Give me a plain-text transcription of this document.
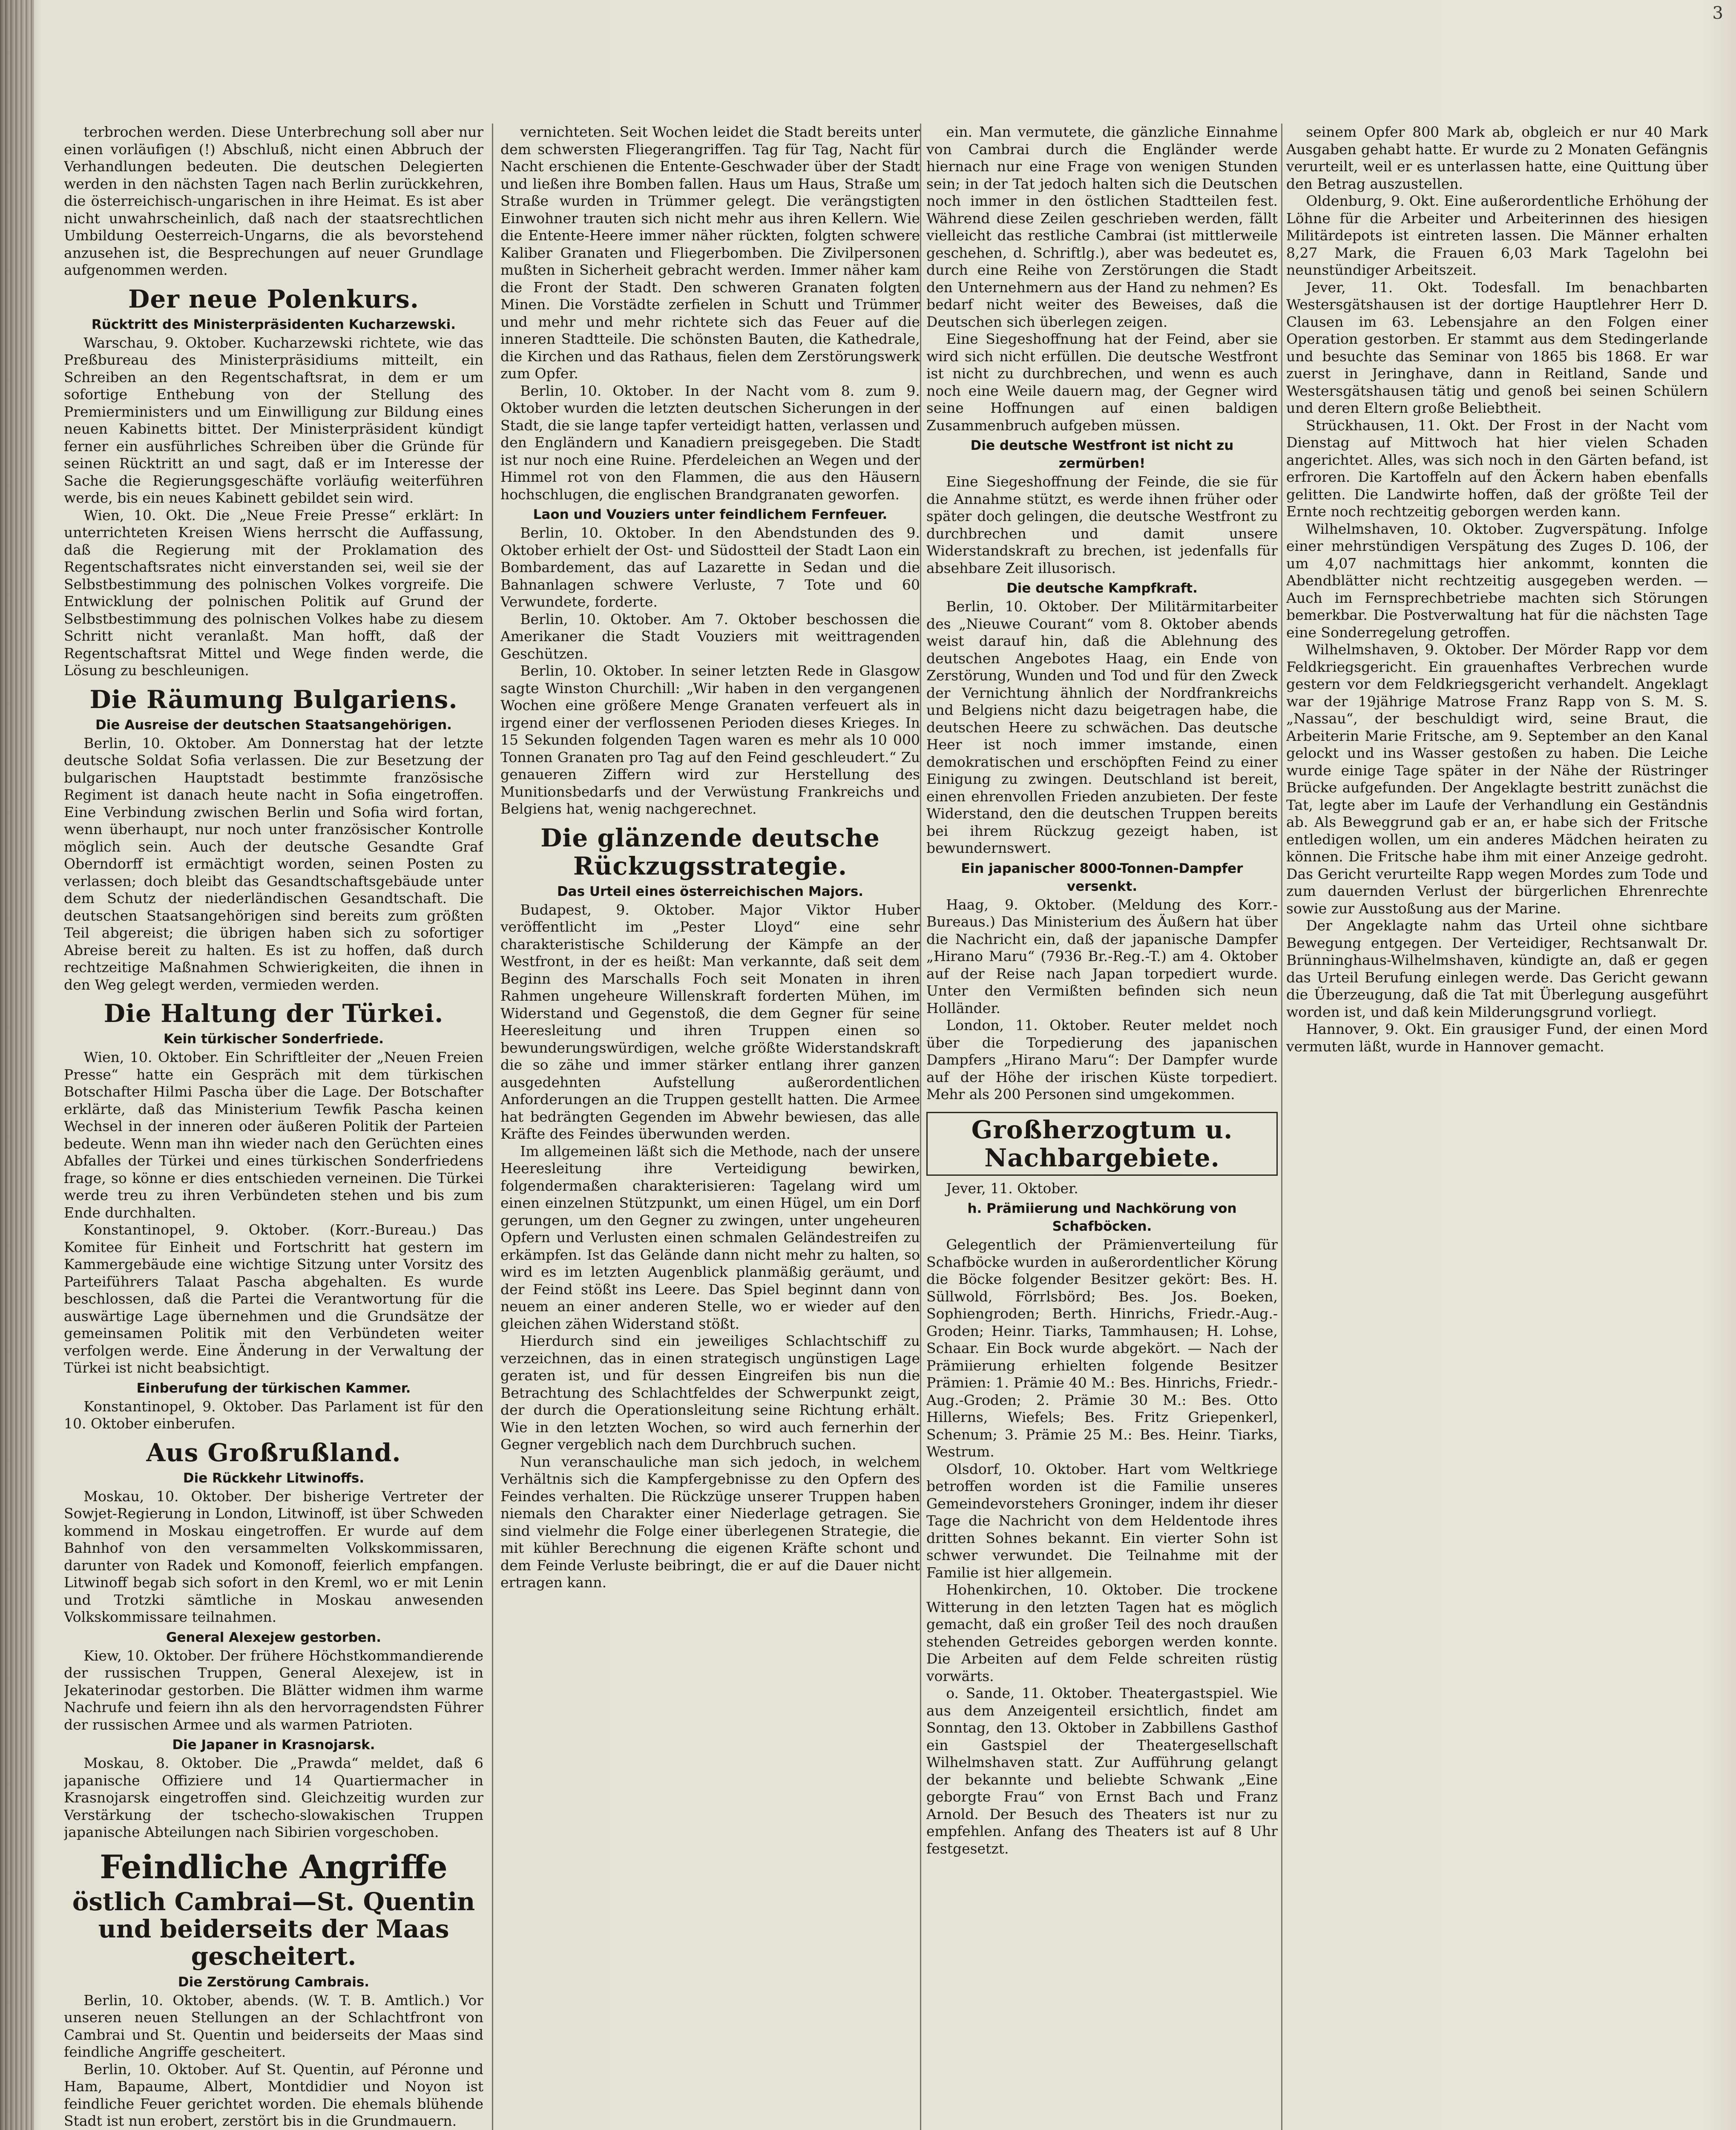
3

terbrochen werden. Diese Unterbrechung soll aber nur einen vorläufigen (!) Abschluß, nicht einen Abbruch der Verhandlungen bedeuten. Die deutschen Delegierten werden in den nächsten Tagen nach Berlin zurückkehren, die österreichisch-ungarischen in ihre Heimat. Es ist aber nicht unwahrscheinlich, daß nach der staatsrechtlichen Umbildung Oesterreich-Ungarns, die als bevorstehend anzusehen ist, die Besprechungen auf neuer Grundlage aufgenommen werden.

Der neue Polenkurs.
Rücktritt des Ministerpräsidenten Kucharzewski.

Warschau, 9. Oktober. Kucharzewski richtete, wie das Preßbureau des Ministerpräsidiums mitteilt, ein Schreiben an den Regentschaftsrat, in dem er um sofortige Enthebung von der Stellung des Premierministers und um Einwilligung zur Bildung eines neuen Kabinetts bittet. Der Ministerpräsident kündigt ferner ein ausführliches Schreiben über die Gründe für seinen Rücktritt an und sagt, daß er im Interesse der Sache die Regierungsgeschäfte vorläufig weiterführen werde, bis ein neues Kabinett gebildet sein wird.

Wien, 10. Okt. Die „Neue Freie Presse“ erklärt: In unterrichteten Kreisen Wiens herrscht die Auffassung, daß die Regierung mit der Proklamation des Regentschaftsrates nicht einverstanden sei, weil sie der Selbstbestimmung des polnischen Volkes vorgreife. Die Entwicklung der polnischen Politik auf Grund der Selbstbestimmung des polnischen Volkes habe zu diesem Schritt nicht veranlaßt. Man hofft, daß der Regentschaftsrat Mittel und Wege finden werde, die Lösung zu beschleunigen.

Die Räumung Bulgariens.
Die Ausreise der deutschen Staatsangehörigen.

Berlin, 10. Oktober. Am Donnerstag hat der letzte deutsche Soldat Sofia verlassen. Die zur Besetzung der bulgarischen Hauptstadt bestimmte französische Regiment ist danach heute nacht in Sofia eingetroffen. Eine Verbindung zwischen Berlin und Sofia wird fortan, wenn überhaupt, nur noch unter französischer Kontrolle möglich sein. Auch der deutsche Gesandte Graf Oberndorff ist ermächtigt worden, seinen Posten zu verlassen; doch bleibt das Gesandtschaftsgebäude unter dem Schutz der niederländischen Gesandtschaft. Die deutschen Staatsangehörigen sind bereits zum größten Teil abgereist; die übrigen haben sich zu sofortiger Abreise bereit zu halten. Es ist zu hoffen, daß durch rechtzeitige Maßnahmen Schwierigkeiten, die ihnen in den Weg gelegt werden, vermieden werden.

Die Haltung der Türkei.
Kein türkischer Sonderfriede.

Wien, 10. Oktober. Ein Schriftleiter der „Neuen Freien Presse“ hatte ein Gespräch mit dem türkischen Botschafter Hilmi Pascha über die Lage. Der Botschafter erklärte, daß das Ministerium Tewfik Pascha keinen Wechsel in der inneren oder äußeren Politik der Parteien bedeute. Wenn man ihn wieder nach den Gerüchten eines Abfalles der Türkei und eines türkischen Sonderfriedens frage, so könne er dies entschieden verneinen. Die Türkei werde treu zu ihren Verbündeten stehen und bis zum Ende durchhalten.

Konstantinopel, 9. Oktober. (Korr.-Bureau.) Das Komitee für Einheit und Fortschritt hat gestern im Kammergebäude eine wichtige Sitzung unter Vorsitz des Parteiführers Talaat Pascha abgehalten. Es wurde beschlossen, daß die Partei die Verantwortung für die auswärtige Lage übernehmen und die Grundsätze der gemeinsamen Politik mit den Verbündeten weiter verfolgen werde. Eine Änderung in der Verwaltung der Türkei ist nicht beabsichtigt.

Einberufung der türkischen Kammer.

Konstantinopel, 9. Oktober. Das Parlament ist für den 10. Oktober einberufen.

Aus Großrußland.
Die Rückkehr Litwinoffs.

Moskau, 10. Oktober. Der bisherige Vertreter der Sowjet-Regierung in London, Litwinoff, ist über Schweden kommend in Moskau eingetroffen. Er wurde auf dem Bahnhof von den versammelten Volkskommissaren, darunter von Radek und Komonoff, feierlich empfangen. Litwinoff begab sich sofort in den Kreml, wo er mit Lenin und Trotzki sämtliche in Moskau anwesenden Volkskommissare teilnahmen.

General Alexejew gestorben.

Kiew, 10. Oktober. Der frühere Höchstkommandierende der russischen Truppen, General Alexejew, ist in Jekaterinodar gestorben. Die Blätter widmen ihm warme Nachrufe und feiern ihn als den hervorragendsten Führer der russischen Armee und als warmen Patrioten.

Die Japaner in Krasnojarsk.

Moskau, 8. Oktober. Die „Prawda“ meldet, daß 6 japanische Offiziere und 14 Quartiermacher in Krasnojarsk eingetroffen sind. Gleichzeitig wurden zur Verstärkung der tschecho-slowakischen Truppen japanische Abteilungen nach Sibirien vorgeschoben.

Feindliche Angriffe
östlich Cambrai—St. Quentin und beiderseits der Maas gescheitert.
Die Zerstörung Cambrais.

Berlin, 10. Oktober, abends. (W. T. B. Amtlich.) Vor unseren neuen Stellungen an der Schlachtfront von Cambrai und St. Quentin und beiderseits der Maas sind feindliche Angriffe gescheitert.

Berlin, 10. Oktober. Auf St. Quentin, auf Péronne und Ham, Bapaume, Albert, Montdidier und Noyon ist feindliche Feuer gerichtet worden. Die ehemals blühende Stadt ist nun erobert, zerstört bis in die Grundmauern.

vernichteten. Seit Wochen leidet die Stadt bereits unter dem schwersten Fliegerangriffen. Tag für Tag, Nacht für Nacht erschienen die Entente-Geschwader über der Stadt und ließen ihre Bomben fallen. Haus um Haus, Straße um Straße wurden in Trümmer gelegt. Die verängstigten Einwohner trauten sich nicht mehr aus ihren Kellern. Wie die Entente-Heere immer näher rückten, folgten schwere Kaliber Granaten und Fliegerbomben. Die Zivilpersonen mußten in Sicherheit gebracht werden. Immer näher kam die Front der Stadt. Den schweren Granaten folgten Minen. Die Vorstädte zerfielen in Schutt und Trümmer und mehr und mehr richtete sich das Feuer auf die inneren Stadtteile. Die schönsten Bauten, die Kathedrale, die Kirchen und das Rathaus, fielen dem Zerstörungswerk zum Opfer.

Berlin, 10. Oktober. In der Nacht vom 8. zum 9. Oktober wurden die letzten deutschen Sicherungen in der Stadt, die sie lange tapfer verteidigt hatten, verlassen und den Engländern und Kanadiern preisgegeben. Die Stadt ist nur noch eine Ruine. Pferdeleichen an Wegen und der Himmel rot von den Flammen, die aus den Häusern hochschlugen, die englischen Brandgranaten geworfen.

Laon und Vouziers unter feindlichem Fernfeuer.

Berlin, 10. Oktober. In den Abendstunden des 9. Oktober erhielt der Ost- und Südostteil der Stadt Laon ein Bombardement, das auf Lazarette in Sedan und die Bahnanlagen schwere Verluste, 7 Tote und 60 Verwundete, forderte.

Berlin, 10. Oktober. Am 7. Oktober beschossen die Amerikaner die Stadt Vouziers mit weittragenden Geschützen.

Berlin, 10. Oktober. In seiner letzten Rede in Glasgow sagte Winston Churchill: „Wir haben in den vergangenen Wochen eine größere Menge Granaten verfeuert als in irgend einer der verflossenen Perioden dieses Krieges. In 15 Sekunden folgenden Tagen waren es mehr als 10 000 Tonnen Granaten pro Tag auf den Feind geschleudert.“ Zu genaueren Ziffern wird zur Herstellung des Munitionsbedarfs und der Verwüstung Frankreichs und Belgiens hat, wenig nachgerechnet.

Die glänzende deutsche Rückzugsstrategie.
Das Urteil eines österreichischen Majors.

Budapest, 9. Oktober. Major Viktor Huber veröffentlicht im „Pester Lloyd“ eine sehr charakteristische Schilderung der Kämpfe an der Westfront, in der es heißt: Man verkannte, daß seit dem Beginn des Marschalls Foch seit Monaten in ihren Rahmen ungeheure Willenskraft forderten Mühen, im Widerstand und Gegenstoß, die dem Gegner für seine Heeresleitung und ihren Truppen einen so bewunderungswürdigen, welche größte Widerstandskraft die so zähe und immer stärker entlang ihrer ganzen ausgedehnten Aufstellung außerordentlichen Anforderungen an die Truppen gestellt hatten. Die Armee hat bedrängten Gegenden im Abwehr bewiesen, das alle Kräfte des Feindes überwunden werden.

Im allgemeinen läßt sich die Methode, nach der unsere Heeresleitung ihre Verteidigung bewirken, folgendermaßen charakterisieren: Tagelang wird um einen einzelnen Stützpunkt, um einen Hügel, um ein Dorf gerungen, um den Gegner zu zwingen, unter ungeheuren Opfern und Verlusten einen schmalen Geländestreifen zu erkämpfen. Ist das Gelände dann nicht mehr zu halten, so wird es im letzten Augenblick planmäßig geräumt, und der Feind stößt ins Leere. Das Spiel beginnt dann von neuem an einer anderen Stelle, wo er wieder auf den gleichen zähen Widerstand stößt.

Hierdurch sind ein jeweiliges Schlachtschiff zu verzeichnen, das in einen strategisch ungünstigen Lage geraten ist, und für dessen Eingreifen bis nun die Betrachtung des Schlachtfeldes der Schwerpunkt zeigt, der durch die Operationsleitung seine Richtung erhält. Wie in den letzten Wochen, so wird auch fernerhin der Gegner vergeblich nach dem Durchbruch suchen.

Nun veranschauliche man sich jedoch, in welchem Verhältnis sich die Kampfergebnisse zu den Opfern des Feindes verhalten. Die Rückzüge unserer Truppen haben niemals den Charakter einer Niederlage getragen. Sie sind vielmehr die Folge einer überlegenen Strategie, die mit kühler Berechnung die eigenen Kräfte schont und dem Feinde Verluste beibringt, die er auf die Dauer nicht ertragen kann.

ein. Man vermutete, die gänzliche Einnahme von Cambrai durch die Engländer werde hiernach nur eine Frage von wenigen Stunden sein; in der Tat jedoch halten sich die Deutschen noch immer in den östlichen Stadtteilen fest. Während diese Zeilen geschrieben werden, fällt vielleicht das restliche Cambrai (ist mittlerweile geschehen, d. Schriftlg.), aber was bedeutet es, durch eine Reihe von Zerstörungen die Stadt den Unternehmern aus der Hand zu nehmen? Es bedarf nicht weiter des Beweises, daß die Deutschen sich überlegen zeigen.

Eine Siegeshoffnung hat der Feind, aber sie wird sich nicht erfüllen. Die deutsche Westfront ist nicht zu durchbrechen, und wenn es auch noch eine Weile dauern mag, der Gegner wird seine Hoffnungen auf einen baldigen Zusammenbruch aufgeben müssen.

Die deutsche Westfront ist nicht zu zermürben!

Eine Siegeshoffnung der Feinde, die sie für die Annahme stützt, es werde ihnen früher oder später doch gelingen, die deutsche Westfront zu durchbrechen und damit unsere Widerstandskraft zu brechen, ist jedenfalls für absehbare Zeit illusorisch.

Die deutsche Kampfkraft.

Berlin, 10. Oktober. Der Militärmitarbeiter des „Nieuwe Courant“ vom 8. Oktober abends weist darauf hin, daß die Ablehnung des deutschen Angebotes Haag, ein Ende von Zerstörung, Wunden und Tod und für den Zweck der Vernichtung ähnlich der Nordfrankreichs und Belgiens nicht dazu beigetragen habe, die deutschen Heere zu schwächen. Das deutsche Heer ist noch immer imstande, einen demokratischen und erschöpften Feind zu einer Einigung zu zwingen. Deutschland ist bereit, einen ehrenvollen Frieden anzubieten. Der feste Widerstand, den die deutschen Truppen bereits bei ihrem Rückzug gezeigt haben, ist bewundernswert.

Ein japanischer 8000-Tonnen-Dampfer versenkt.

Haag, 9. Oktober. (Meldung des Korr.-Bureaus.) Das Ministerium des Äußern hat über die Nachricht ein, daß der japanische Dampfer „Hirano Maru“ (7936 Br.-Reg.-T.) am 4. Oktober auf der Reise nach Japan torpediert wurde. Unter den Vermißten befinden sich neun Holländer.

London, 11. Oktober. Reuter meldet noch über die Torpedierung des japanischen Dampfers „Hirano Maru“: Der Dampfer wurde auf der Höhe der irischen Küste torpediert. Mehr als 200 Personen sind umgekommen.

Großherzogtum u. Nachbargebiete.

Jever, 11. Oktober.

h. Prämiierung und Nachkörung von Schafböcken.

Gelegentlich der Prämienverteilung für Schafböcke wurden in außerordentlicher Körung die Böcke folgender Besitzer gekört: Bes. H. Süllwold, Förrlsbörd; Bes. Jos. Boeken, Sophiengroden; Berth. Hinrichs, Friedr.-Aug.-Groden; Heinr. Tiarks, Tammhausen; H. Lohse, Schaar. Ein Bock wurde abgekört. — Nach der Prämiierung erhielten folgende Besitzer Prämien: 1. Prämie 40 M.: Bes. Hinrichs, Friedr.-Aug.-Groden; 2. Prämie 30 M.: Bes. Otto Hillerns, Wiefels; Bes. Fritz Griepenkerl, Schenum; 3. Prämie 25 M.: Bes. Heinr. Tiarks, Westrum.

Olsdorf, 10. Oktober. Hart vom Weltkriege betroffen worden ist die Familie unseres Gemeindevorstehers Groninger, indem ihr dieser Tage die Nachricht von dem Heldentode ihres dritten Sohnes bekannt. Ein vierter Sohn ist schwer verwundet. Die Teilnahme mit der Familie ist hier allgemein.

Hohenkirchen, 10. Oktober. Die trockene Witterung in den letzten Tagen hat es möglich gemacht, daß ein großer Teil des noch draußen stehenden Getreides geborgen werden konnte. Die Arbeiten auf dem Felde schreiten rüstig vorwärts.

o. Sande, 11. Oktober. Theatergastspiel. Wie aus dem Anzeigenteil ersichtlich, findet am Sonntag, den 13. Oktober in Zabbillens Gasthof ein Gastspiel der Theatergesellschaft Wilhelmshaven statt. Zur Aufführung gelangt der bekannte und beliebte Schwank „Eine geborgte Frau“ von Ernst Bach und Franz Arnold. Der Besuch des Theaters ist nur zu empfehlen. Anfang des Theaters ist auf 8 Uhr festgesetzt.

seinem Opfer 800 Mark ab, obgleich er nur 40 Mark Ausgaben gehabt hatte. Er wurde zu 2 Monaten Gefängnis verurteilt, weil er es unterlassen hatte, eine Quittung über den Betrag auszustellen.

Oldenburg, 9. Okt. Eine außerordentliche Erhöhung der Löhne für die Arbeiter und Arbeiterinnen des hiesigen Militärdepots ist eintreten lassen. Die Männer erhalten 8,27 Mark, die Frauen 6,03 Mark Tagelohn bei neunstündiger Arbeitszeit.

Jever, 11. Okt. Todesfall. Im benachbarten Westersgätshausen ist der dortige Hauptlehrer Herr D. Clausen im 63. Lebensjahre an den Folgen einer Operation gestorben. Er stammt aus dem Stedingerlande und besuchte das Seminar von 1865 bis 1868. Er war zuerst in Jeringhave, dann in Reitland, Sande und Westersgätshausen tätig und genoß bei seinen Schülern und deren Eltern große Beliebtheit.

Strückhausen, 11. Okt. Der Frost in der Nacht vom Dienstag auf Mittwoch hat hier vielen Schaden angerichtet. Alles, was sich noch in den Gärten befand, ist erfroren. Die Kartoffeln auf den Äckern haben ebenfalls gelitten. Die Landwirte hoffen, daß der größte Teil der Ernte noch rechtzeitig geborgen werden kann.

Wilhelmshaven, 10. Oktober. Zugverspätung. Infolge einer mehrstündigen Verspätung des Zuges D. 106, der um 4,07 nachmittags hier ankommt, konnten die Abendblätter nicht rechtzeitig ausgegeben werden. — Auch im Fernsprechbetriebe machten sich Störungen bemerkbar. Die Postverwaltung hat für die nächsten Tage eine Sonderregelung getroffen.

Wilhelmshaven, 9. Oktober. Der Mörder Rapp vor dem Feldkriegsgericht. Ein grauenhaftes Verbrechen wurde gestern vor dem Feldkriegsgericht verhandelt. Angeklagt war der 19jährige Matrose Franz Rapp von S. M. S. „Nassau“, der beschuldigt wird, seine Braut, die Arbeiterin Marie Fritsche, am 9. September an den Kanal gelockt und ins Wasser gestoßen zu haben. Die Leiche wurde einige Tage später in der Nähe der Rüstringer Brücke aufgefunden. Der Angeklagte bestritt zunächst die Tat, legte aber im Laufe der Verhandlung ein Geständnis ab. Als Beweggrund gab er an, er habe sich der Fritsche entledigen wollen, um ein anderes Mädchen heiraten zu können. Die Fritsche habe ihm mit einer Anzeige gedroht. Das Gericht verurteilte Rapp wegen Mordes zum Tode und zum dauernden Verlust der bürgerlichen Ehrenrechte sowie zur Ausstoßung aus der Marine.

Der Angeklagte nahm das Urteil ohne sichtbare Bewegung entgegen. Der Verteidiger, Rechtsanwalt Dr. Brünninghaus-Wilhelmshaven, kündigte an, daß er gegen das Urteil Berufung einlegen werde. Das Gericht gewann die Überzeugung, daß die Tat mit Überlegung ausgeführt worden ist, und daß kein Milderungsgrund vorliegt.

Hannover, 9. Okt. Ein grausiger Fund, der einen Mord vermuten läßt, wurde in Hannover gemacht.
